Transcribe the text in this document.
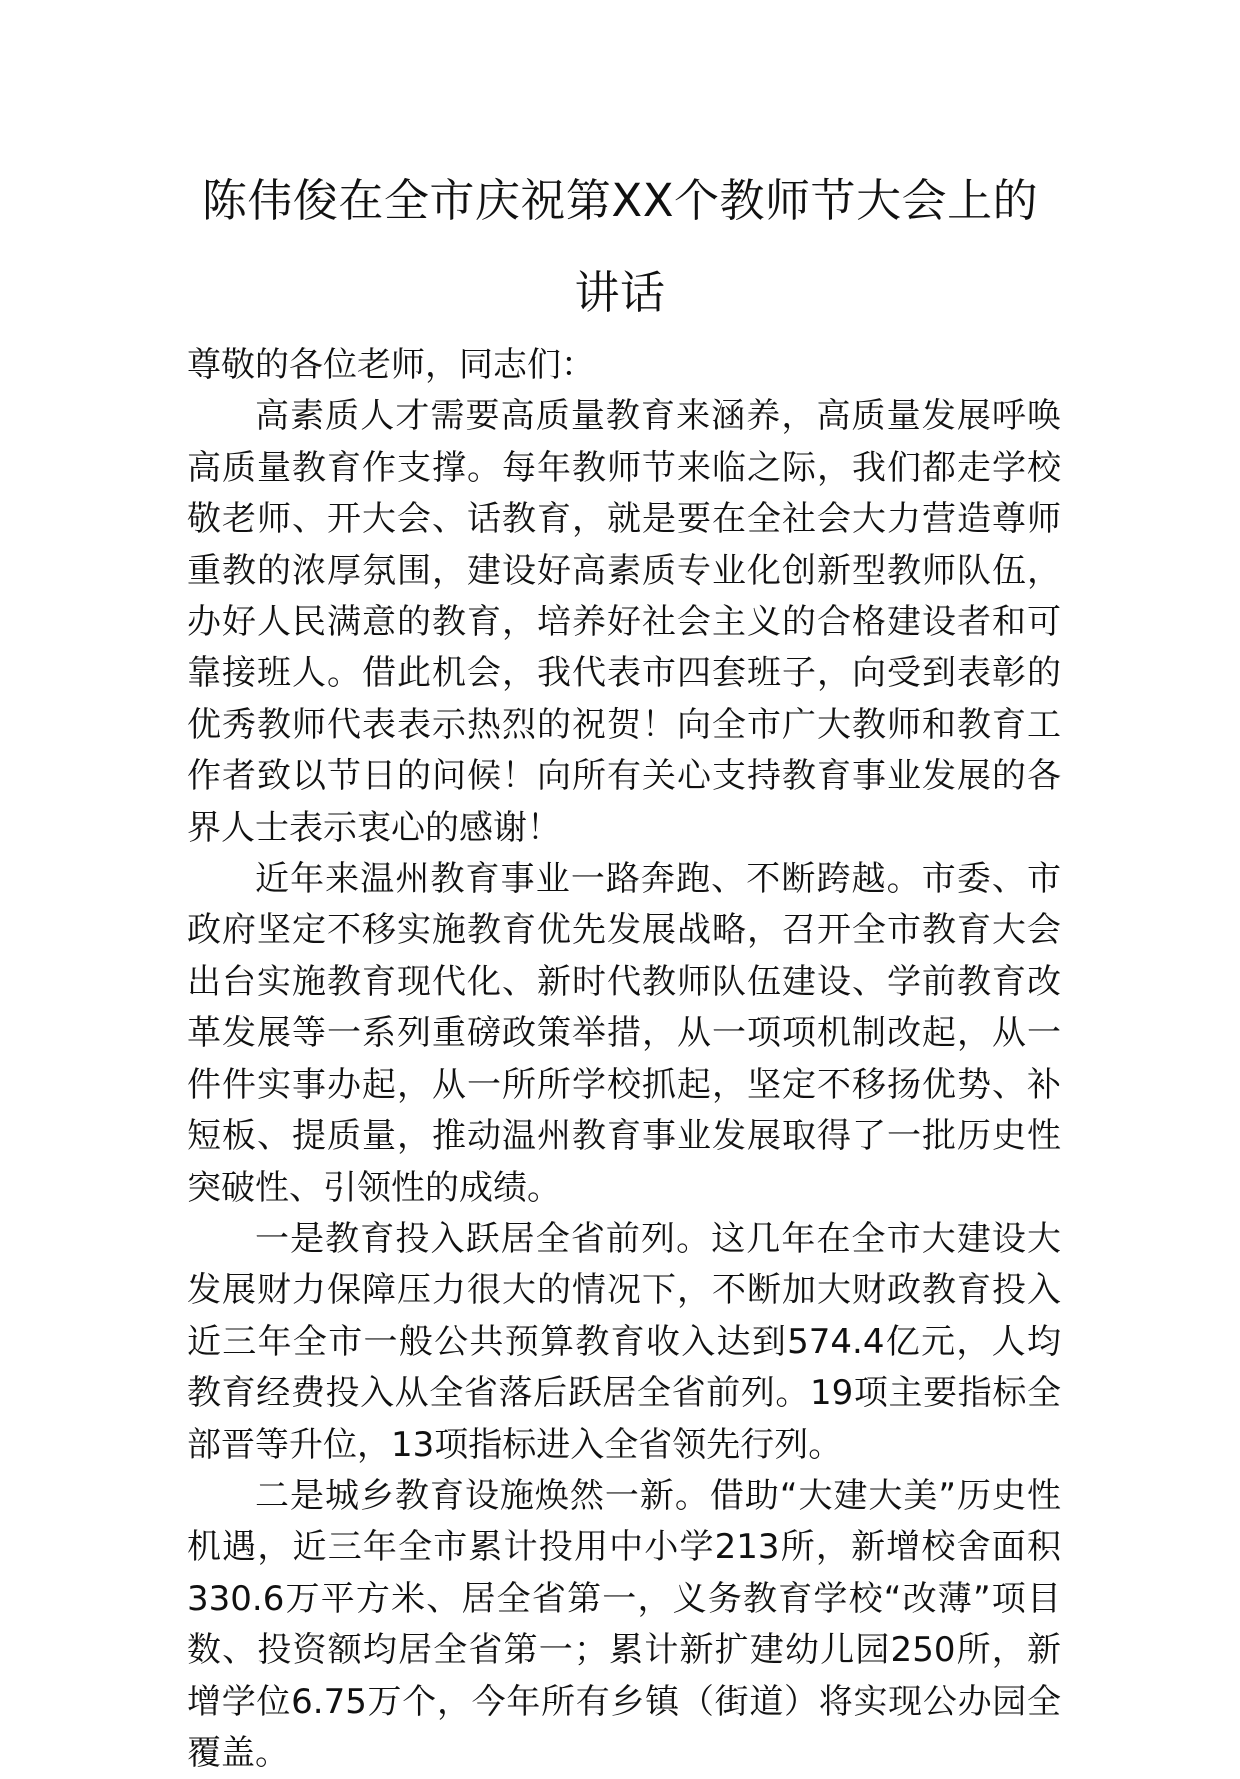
陈伟俊在全市庆祝第XX个教师节大会上的
讲话

尊敬的各位老师，同志们：

高素质人才需要高质量教育来涵养，高质量发展呼唤高质量教育作支撑。每年教师节来临之际，我们都走学校敬老师、开大会、话教育，就是要在全社会大力营造尊师重教的浓厚氛围，建设好高素质专业化创新型教师队伍，办好人民满意的教育，培养好社会主义的合格建设者和可靠接班人。借此机会，我代表市四套班子，向受到表彰的优秀教师代表表示热烈的祝贺！向全市广大教师和教育工作者致以节日的问候！向所有关心支持教育事业发展的各界人士表示衷心的感谢！

近年来温州教育事业一路奔跑、不断跨越。市委、市政府坚定不移实施教育优先发展战略，召开全市教育大会出台实施教育现代化、新时代教师队伍建设、学前教育改革发展等一系列重磅政策举措，从一项项机制改起，从一件件实事办起，从一所所学校抓起，坚定不移扬优势、补短板、提质量，推动温州教育事业发展取得了一批历史性突破性、引领性的成绩。

一是教育投入跃居全省前列。这几年在全市大建设大发展财力保障压力很大的情况下，不断加大财政教育投入近三年全市一般公共预算教育收入达到574.4亿元，人均教育经费投入从全省落后跃居全省前列。19项主要指标全部晋等升位，13项指标进入全省领先行列。

二是城乡教育设施焕然一新。借助“大建大美”历史性机遇，近三年全市累计投用中小学213所，新增校舍面积330.6万平方米、居全省第一，义务教育学校“改薄”项目数、投资额均居全省第一；累计新扩建幼儿园250所，新增学位6.75万个，今年所有乡镇（街道）将实现公办园全覆盖。
